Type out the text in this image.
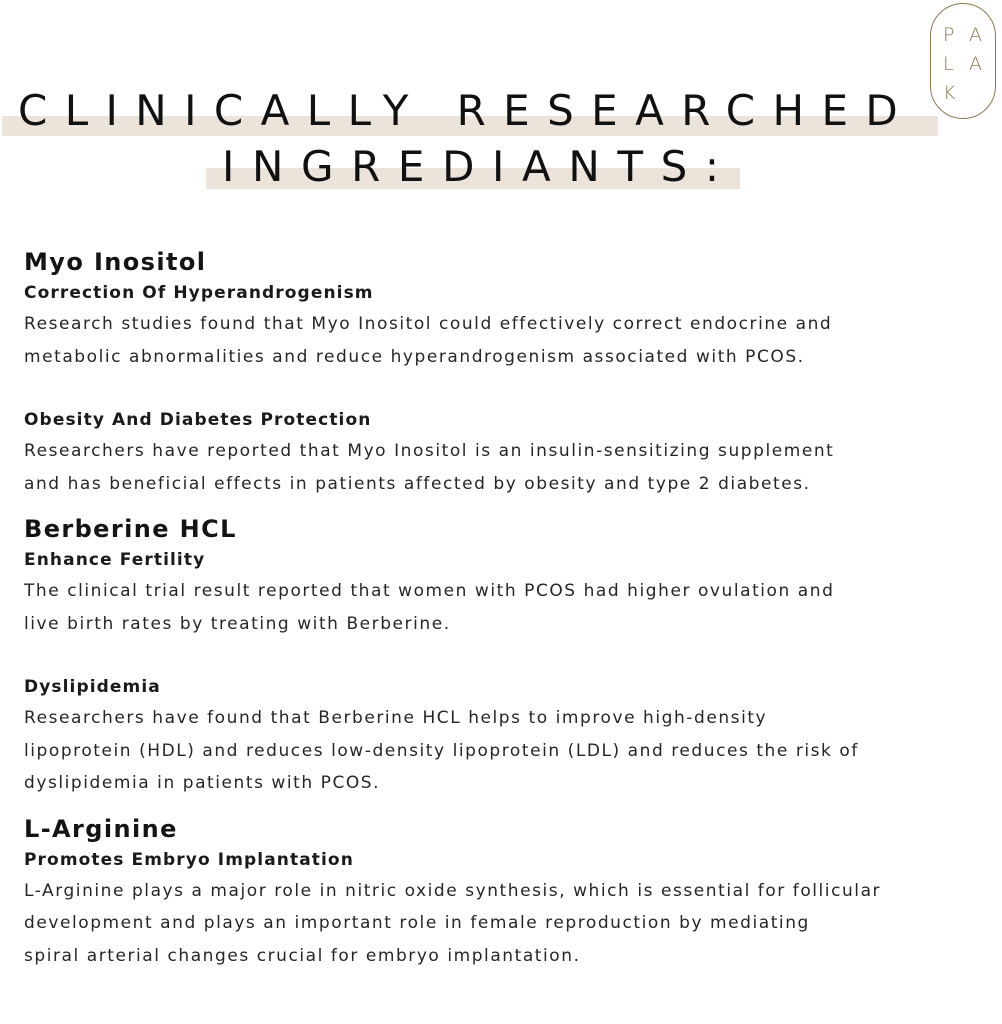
P A
L A
K
CLINICALLY RESEARCHED
INGREDIANTS:
Myo Inositol
Correction Of Hyperandrogenism

Research studies found that Myo Inositol could effectively correct endocrine and

metabolic abnormalities and reduce hyperandrogenism associated with PCOS.

Obesity And Diabetes Protection

Researchers have reported that Myo Inositol is an insulin-sensitizing supplement

and has beneficial effects in patients affected by obesity and type 2 diabetes.

Berberine HCL
Enhance Fertility

The clinical trial result reported that women with PCOS had higher ovulation and

live birth rates by treating with Berberine.

Dyslipidemia

Researchers have found that Berberine HCL helps to improve high-density

lipoprotein (HDL) and reduces low-density lipoprotein (LDL) and reduces the risk of

dyslipidemia in patients with PCOS.

L-Arginine
Promotes Embryo Implantation

L-Arginine plays a major role in nitric oxide synthesis, which is essential for follicular

development and plays an important role in female reproduction by mediating

spiral arterial changes crucial for embryo implantation.
